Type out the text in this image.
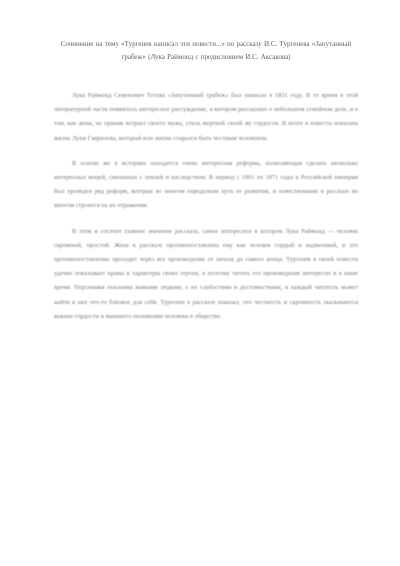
Сочинение на тему «Тургенев написал эти повести...» по рассказу И.С. Тургенева «Запутанный грабеж» (Лука Раймонд с предисловием И.С. Аксакова)

Лука Раймонд Семенович Тетова «Запутанный грабеж» был написан в 1851 году. В то время в этой литературной части появилось интересное рассуждение, в котором рассказано о небольшом семейном деле, и о том, как жена, не приняв всерьез своего мужа, стала жертвой своей же гордости. В итоге в повести показана жизнь Луки Гаврилова, который всю жизнь старался быть честным человеком.

В основе же в историях находится очень интересная реформа, позволяющая сделать несколько интересных вещей, связанных с землей и наследством. В период с 1861 по 1871 годы в Российской империи был проведен ряд реформ, которые во многом определили путь ее развития, и повествование в рассказе во многом строится на их отражении.

В этом и состоит главное значение рассказа, самое интересное в котором Лука Раймонд — человек скромный, простой. Жена в рассказе противопоставлена ему как человек гордый и надменный, и это противопоставление проходит через все произведение от начала до самого конца. Тургенев в своей повести удачно показывает нравы и характеры своих героев, и поэтому читать его произведение интересно и в наше время. Персонажи показаны живыми людьми, с их слабостями и достоинствами, и каждый читатель может найти в них что-то близкое для себя. Тургенев в рассказе показал, что честность и скромность оказываются важнее гордости и внешнего положения человека в обществе.
